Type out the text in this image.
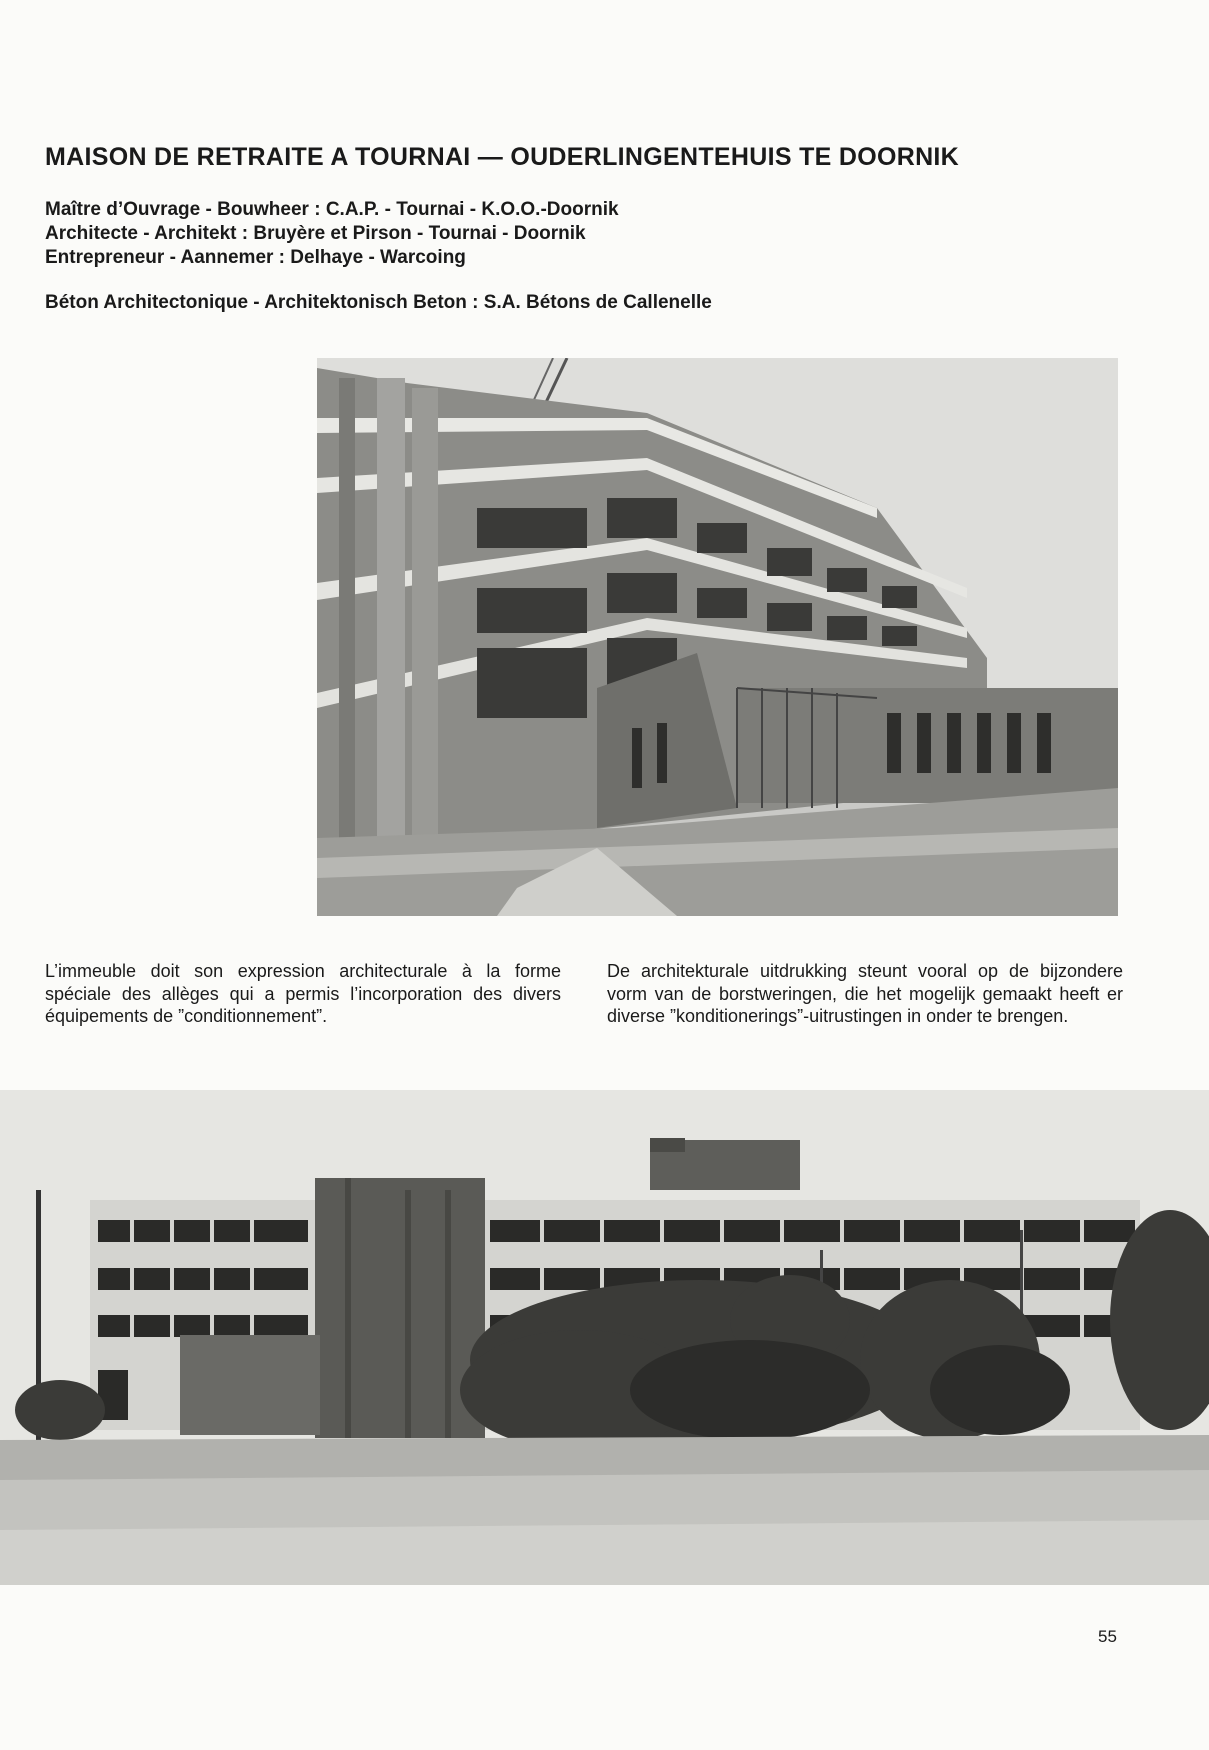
MAISON DE RETRAITE A TOURNAI — OUDERLINGENTEHUIS TE DOORNIK
Maître d’Ouvrage - Bouwheer : C.A.P. - Tournai - K.O.O.-Doornik
Architecte - Architekt : Bruyère et Pirson - Tournai - Doornik
Entrepreneur - Aannemer : Delhaye - Warcoing
Béton Architectonique - Architektonisch Beton : S.A. Bétons de Callenelle
L’immeuble doit son expression architecturale à la forme spéciale des allèges qui a permis l’incorporation des divers équipements de ”conditionnement”.
De architekturale uitdrukking steunt vooral op de bijzondere vorm van de borstweringen, die het mogelijk gemaakt heeft er diverse ”konditionerings”-uitrustingen in onder te brengen.
55
